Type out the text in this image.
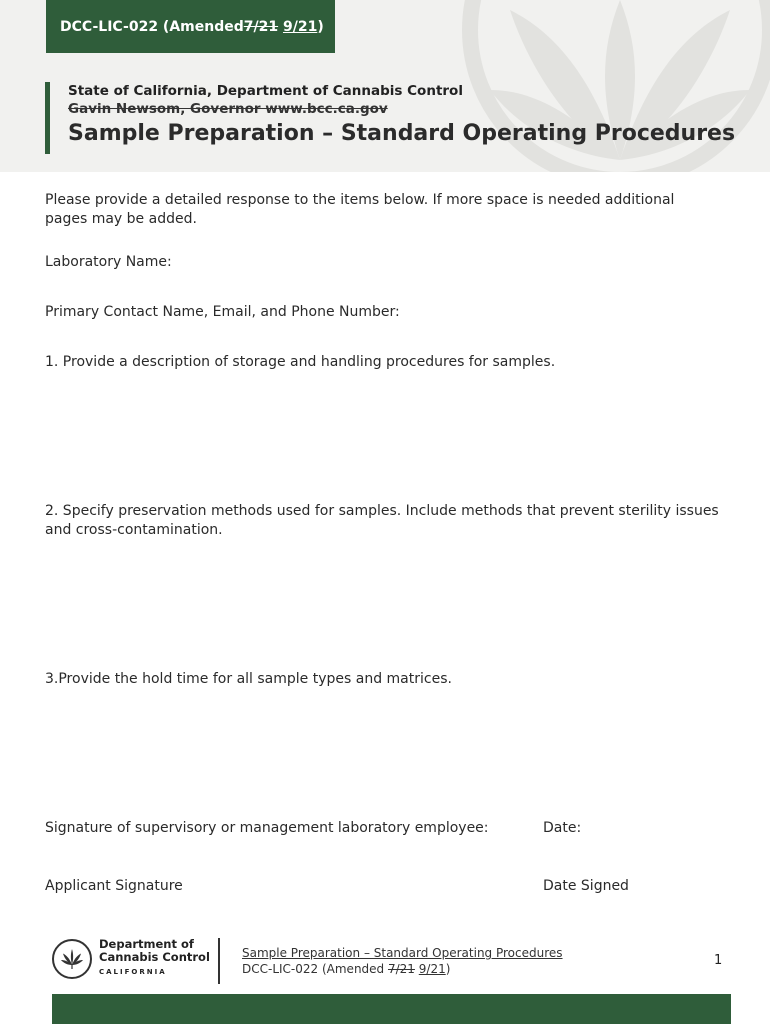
DCC-LIC-022 (Amended 7/21
9/21 )
State of California, Department of Cannabis Control
Gavin Newsom, Governor www.bcc.ca.gov
Sample Preparation – Standard Operating Procedures
Please provide a detailed response to the items below. If more space is needed additional pages may be added.
Laboratory Name:
Primary Contact Name, Email, and Phone Number:
1. Provide a description of storage and handling procedures for samples.
2. Specify preservation methods used for samples. Include methods that prevent sterility issues and cross-contamination.
3.Provide the hold time for all sample types and matrices.
Signature of supervisory or management laboratory employee:	Date:
Applicant Signature	Date Signed
Department of
Cannabis Control
CALIFORNIA
Sample Preparation – Standard Operating Procedures
DCC-LIC-022 (Amended 7/21 9/21)
1
